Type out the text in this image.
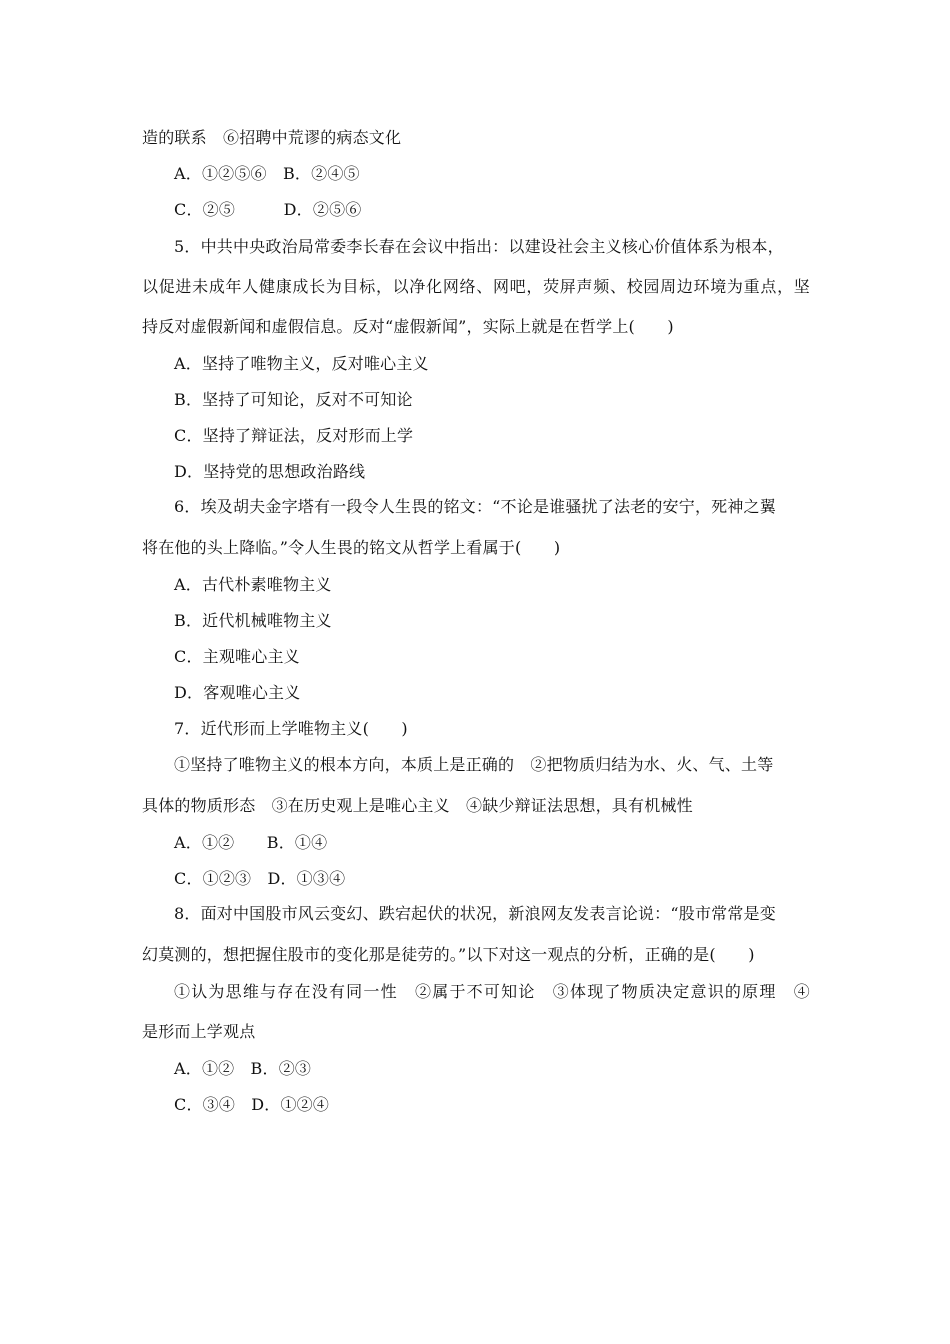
造的联系　⑥招聘中荒谬的病态文化
A．①②⑤⑥　B．②④⑤
C．②⑤　　　D．②⑤⑥
5．中共中央政治局常委李长春在会议中指出：以建设社会主义核心价值体系为根本，
以促进未成年人健康成长为目标，以净化网络、网吧，荧屏声频、校园周边环境为重点，坚
持反对虚假新闻和虚假信息。反对“虚假新闻”，实际上就是在哲学上(　　)
A．坚持了唯物主义，反对唯心主义
B．坚持了可知论，反对不可知论
C．坚持了辩证法，反对形而上学
D．坚持党的思想政治路线
6．埃及胡夫金字塔有一段令人生畏的铭文：“不论是谁骚扰了法老的安宁，死神之翼
将在他的头上降临。”令人生畏的铭文从哲学上看属于(　　)
A．古代朴素唯物主义
B．近代机械唯物主义
C．主观唯心主义
D．客观唯心主义
7．近代形而上学唯物主义(　　)
①坚持了唯物主义的根本方向，本质上是正确的　②把物质归结为水、火、气、土等
具体的物质形态　③在历史观上是唯心主义　④缺少辩证法思想，具有机械性
A．①②　　B．①④
C．①②③　D．①③④
8．面对中国股市风云变幻、跌宕起伏的状况，新浪网友发表言论说：“股市常常是变
幻莫测的，想把握住股市的变化那是徒劳的。”以下对这一观点的分析，正确的是(　　)
①认为思维与存在没有同一性　②属于不可知论　③体现了物质决定意识的原理　④
是形而上学观点
A．①②　B．②③
C．③④　D．①②④
